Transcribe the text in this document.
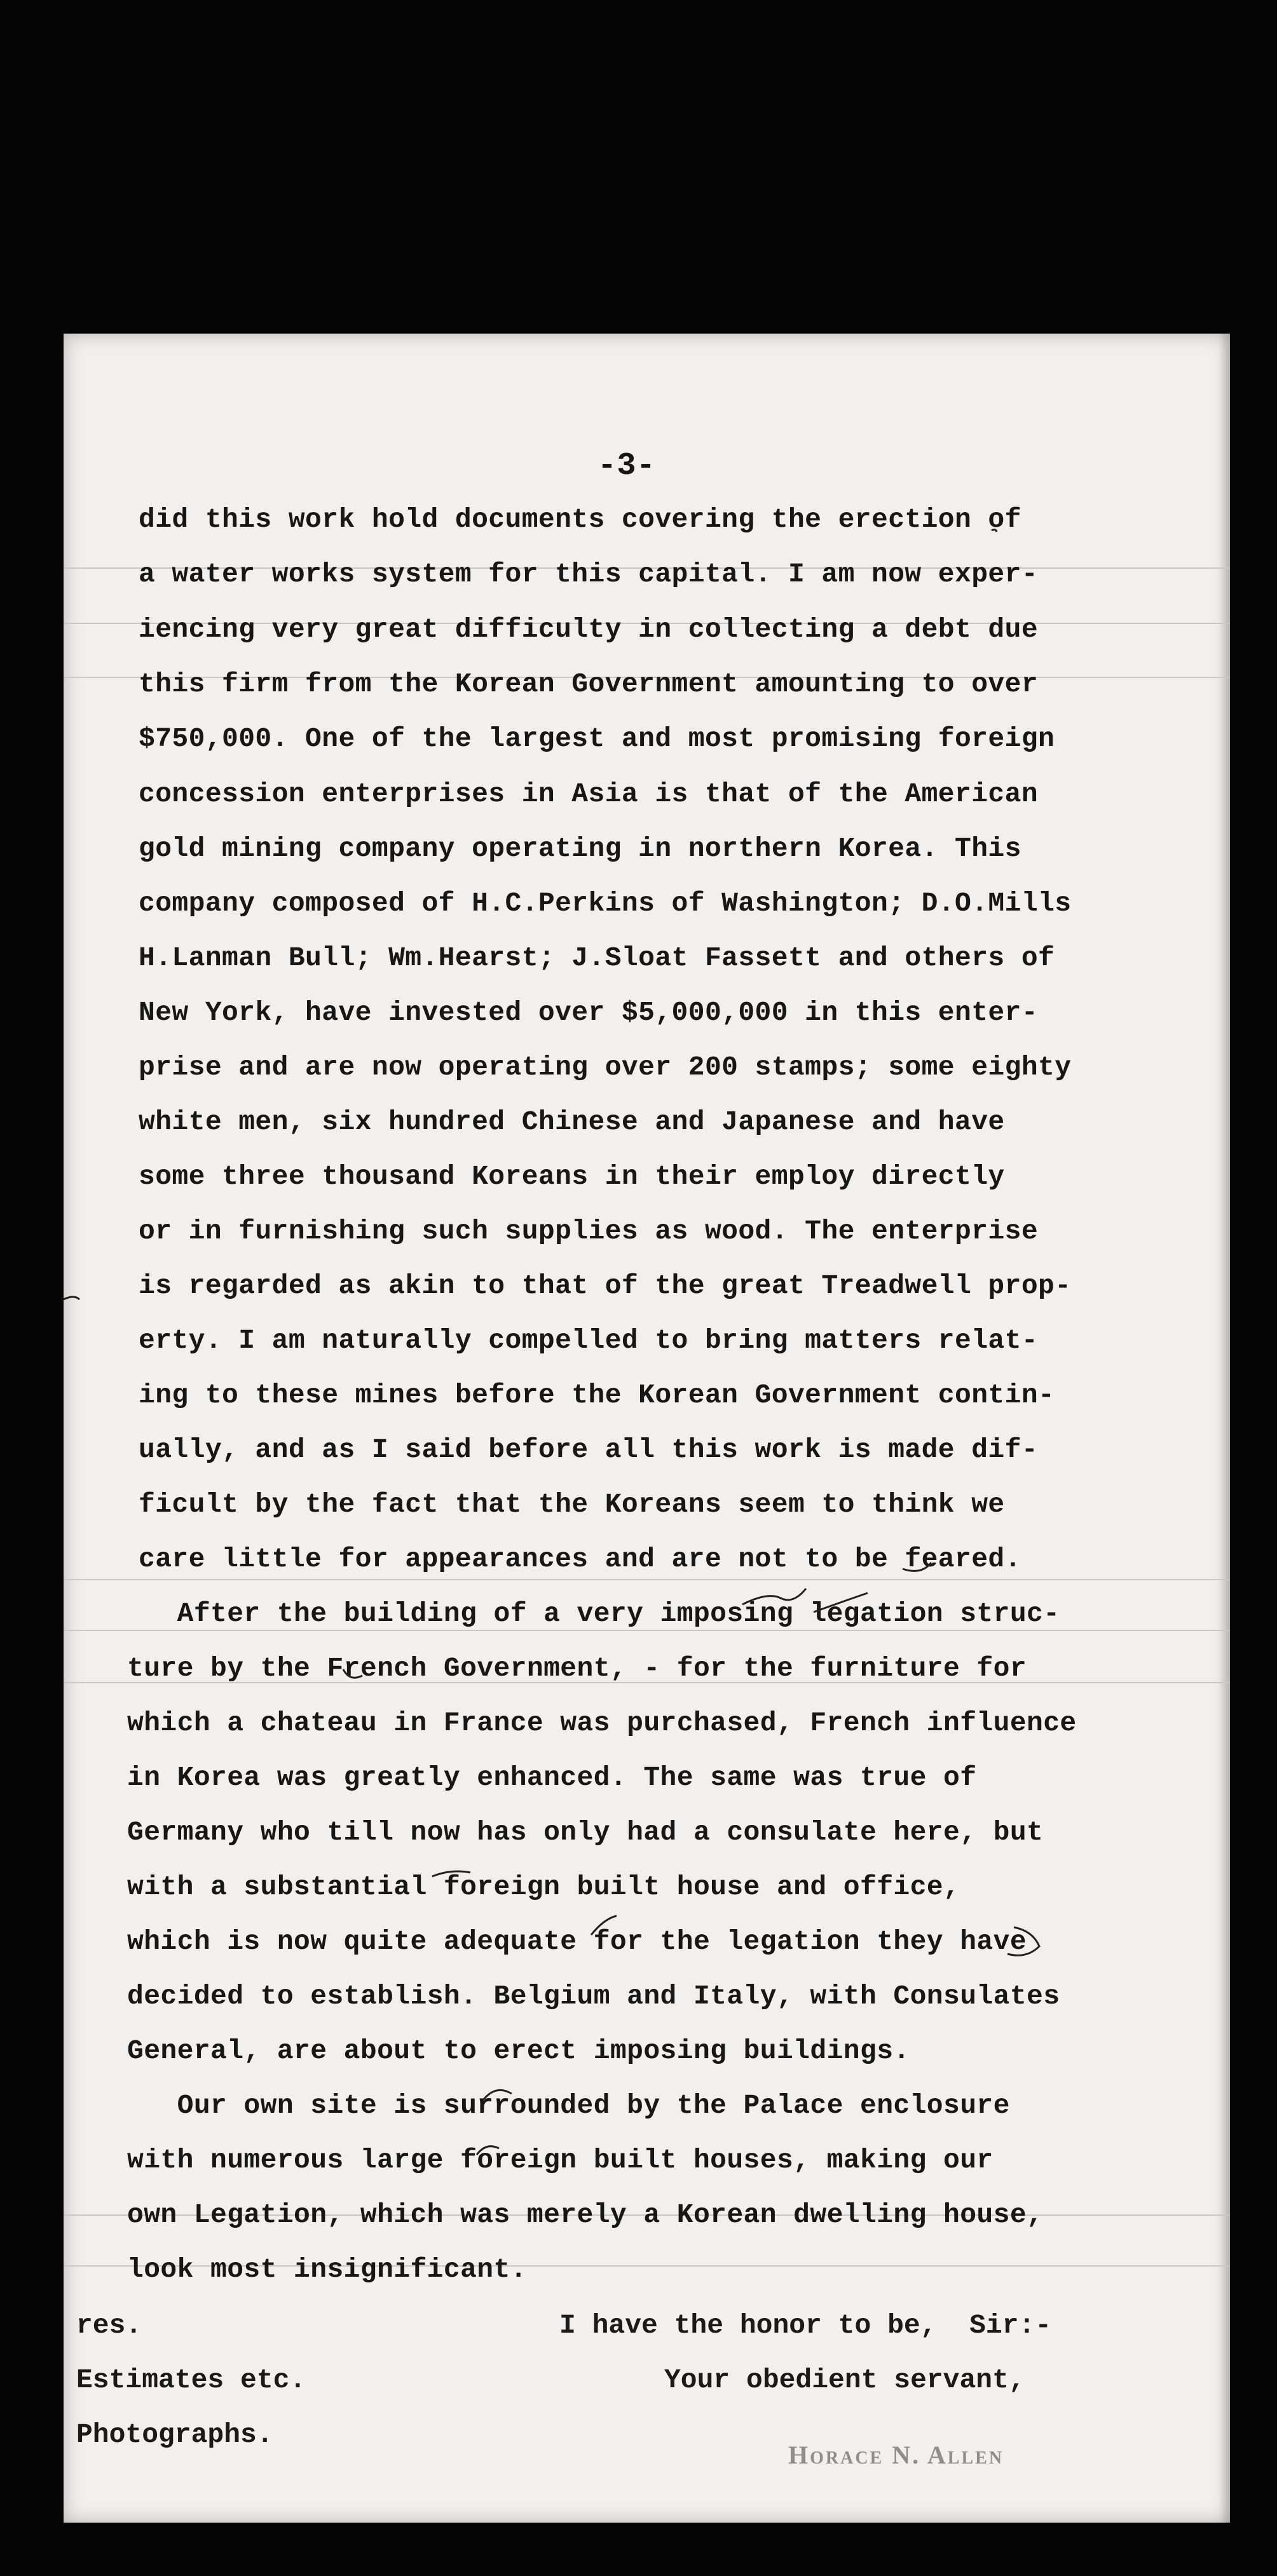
-3-
did this work hold documents covering the erection of
a water works system for this capital. I am now exper-
iencing very great difficulty in collecting a debt due
this firm from the Korean Government amounting to over
$750,000. One of the largest and most promising foreign
concession enterprises in Asia is that of the American
gold mining company operating in northern Korea. This
company composed of H.C.Perkins of Washington; D.O.Mills
H.Lanman Bull; Wm.Hearst; J.Sloat Fassett and others of
New York, have invested over $5,000,000 in this enter-
prise and are now operating over 200 stamps; some eighty
white men, six hundred Chinese and Japanese and have
some three thousand Koreans in their employ directly
or in furnishing such supplies as wood. The enterprise
is regarded as akin to that of the great Treadwell prop-
erty. I am naturally compelled to bring matters relat-
ing to these mines before the Korean Government contin-
ually, and as I said before all this work is made dif-
ficult by the fact that the Koreans seem to think we
care little for appearances and are not to be feared.
After the building of a very imposing legation struc-
ture by the French Government, - for the furniture for
which a chateau in France was purchased, French influence
in Korea was greatly enhanced. The same was true of
Germany who till now has only had a consulate here, but
with a substantial foreign built house and office,
which is now quite adequate for the legation they have
decided to establish. Belgium and Italy, with Consulates
General, are about to erect imposing buildings.
Our own site is surrounded by the Palace enclosure
with numerous large foreign built houses, making our
own Legation, which was merely a Korean dwelling house,
look most insignificant.
I have the honor to be,  Sir:-
Your obedient servant,
res.
Estimates etc.
Photographs.
Horace N. Allen
